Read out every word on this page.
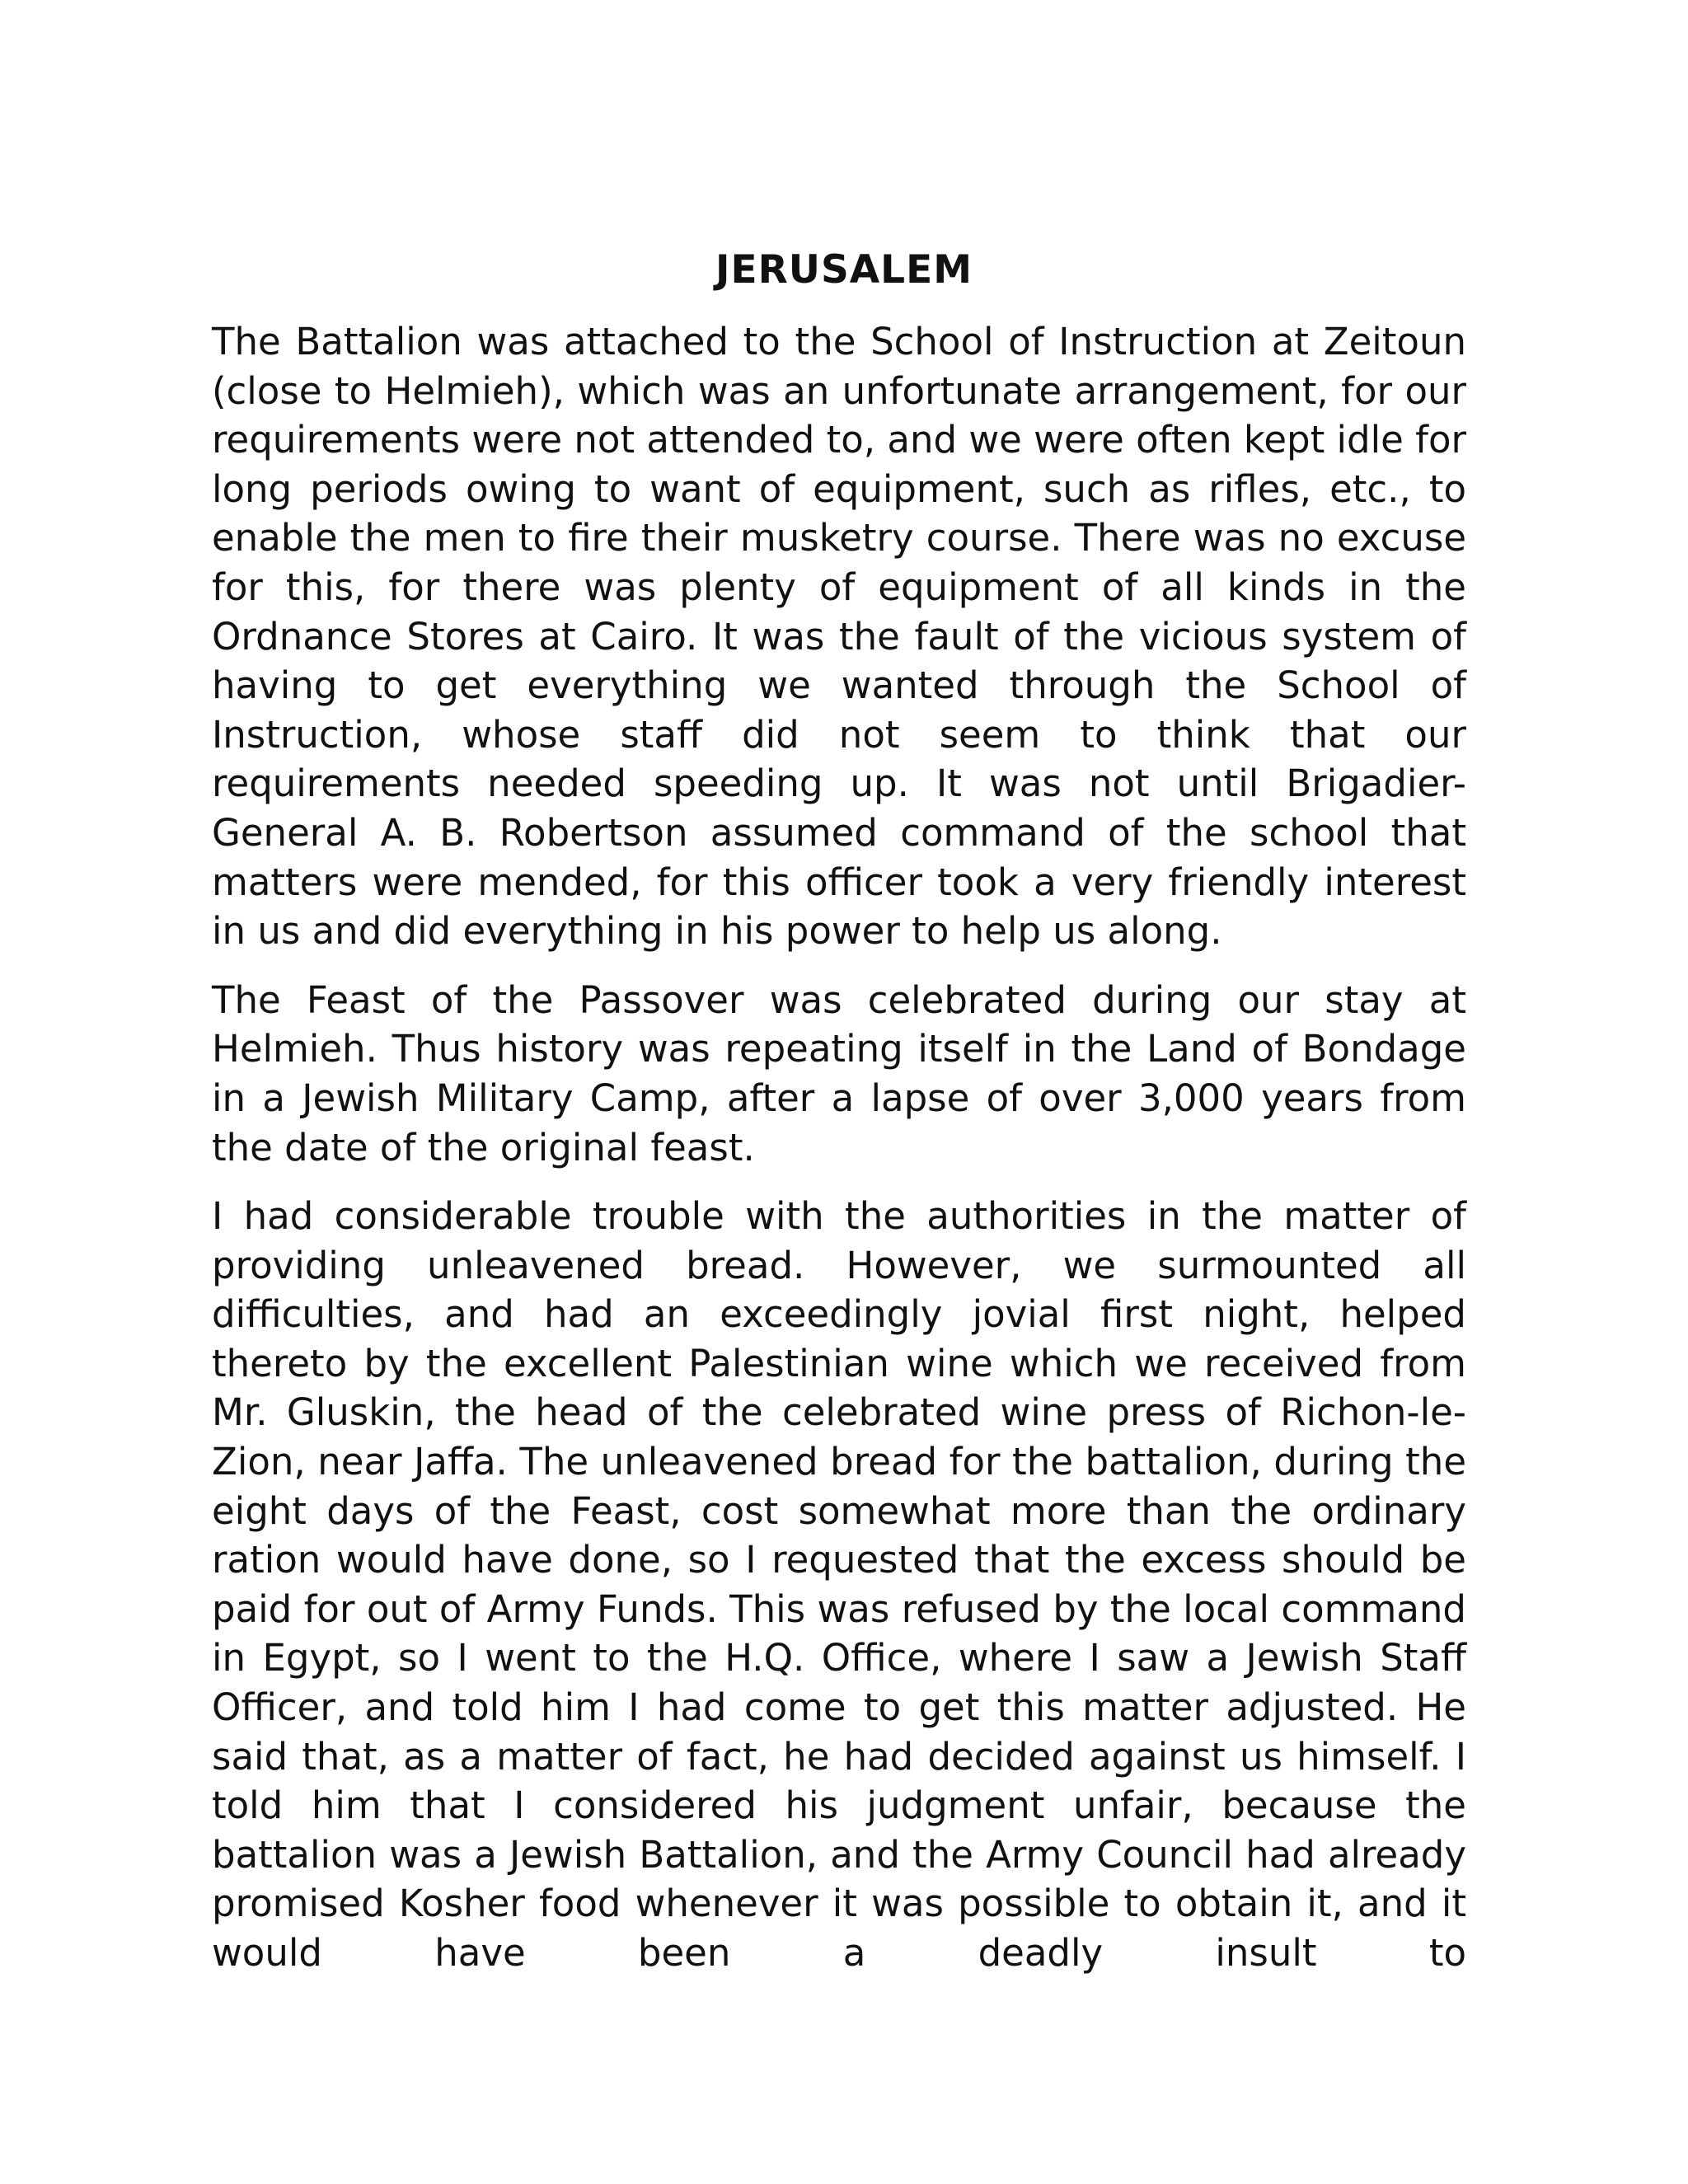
JERUSALEM

The Battalion was attached to the School of Instruction at Zeitoun (close to Helmieh), which was an unfortunate arrangement, for our requirements were not attended to, and we were often kept idle for long periods owing to want of equipment, such as rifles, etc., to enable the men to fire their musketry course. There was no excuse for this, for there was plenty of equipment of all kinds in the Ordnance Stores at Cairo. It was the fault of the vicious system of having to get everything we wanted through the School of Instruction, whose staff did not seem to think that our requirements needed speeding up. It was not until Brigadier-General A. B. Robertson assumed command of the school that matters were mended, for this officer took a very friendly interest in us and did everything in his power to help us along.

The Feast of the Passover was celebrated during our stay at Helmieh. Thus history was repeating itself in the Land of Bondage in a Jewish Military Camp, after a lapse of over 3,000 years from the date of the original feast.

I had considerable trouble with the authorities in the matter of providing unleavened bread. However, we surmounted all difficulties, and had an exceedingly jovial first night, helped thereto by the excellent Palestinian wine which we received from Mr. Gluskin, the head of the celebrated wine press of Richon-le-Zion, near Jaffa. The unleavened bread for the battalion, during the eight days of the Feast, cost somewhat more than the ordinary ration would have done, so I requested that the excess should be paid for out of Army Funds. This was refused by the local command in Egypt, so I went to the H.Q. Office, where I saw a Jewish Staff Officer, and told him I had come to get this matter adjusted. He said that, as a matter of fact, he had decided against us himself. I told him that I considered his judgment unfair, because the battalion was a Jewish Battalion, and the Army Council had already promised Kosher food whenever it was possible to obtain it, and it would have been a deadly insult to
